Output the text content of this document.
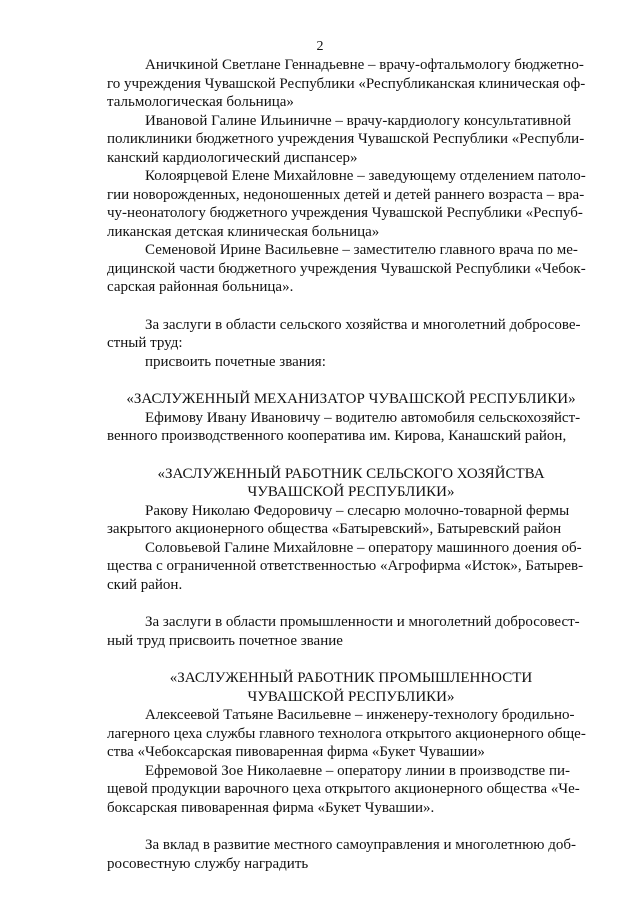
2

Аничкиной Светлане Геннадьевне – врачу-офтальмологу бюджетно-
го учреждения Чувашской Республики «Республиканская клиническая оф-
тальмологическая больница»

Ивановой Галине Ильиничне – врачу-кардиологу консультативной
поликлиники бюджетного учреждения Чувашской Республики «Республи-
канский кардиологический диспансер»

Колоярцевой Елене Михайловне – заведующему отделением патоло-
гии новорожденных, недоношенных детей и детей раннего возраста – вра-
чу-неонатологу бюджетного учреждения Чувашской Республики «Респуб-
ликанская детская клиническая больница»

Семеновой Ирине Васильевне – заместителю главного врача по ме-
дицинской части бюджетного учреждения Чувашской Республики «Чебок-
сарская районная больница».

За заслуги в области сельского хозяйства и многолетний добросове-
стный труд:

присвоить почетные звания:

«ЗАСЛУЖЕННЫЙ МЕХАНИЗАТОР ЧУВАШСКОЙ РЕСПУБЛИКИ»

Ефимову Ивану Ивановичу – водителю автомобиля сельскохозяйст-
венного производственного кооператива им. Кирова, Канашский район,

«ЗАСЛУЖЕННЫЙ РАБОТНИК СЕЛЬСКОГО ХОЗЯЙСТВА
ЧУВАШСКОЙ РЕСПУБЛИКИ»

Ракову Николаю Федоровичу – слесарю молочно-товарной фермы
закрытого акционерного общества «Батыревский», Батыревский район

Соловьевой Галине Михайловне – оператору машинного доения об-
щества с ограниченной ответственностью «Агрофирма «Исток», Батырев-
ский район.

За заслуги в области промышленности и многолетний добросовест-
ный труд присвоить почетное звание

«ЗАСЛУЖЕННЫЙ РАБОТНИК ПРОМЫШЛЕННОСТИ
ЧУВАШСКОЙ РЕСПУБЛИКИ»

Алексеевой Татьяне Васильевне – инженеру-технологу бродильно-
лагерного цеха службы главного технолога открытого акционерного обще-
ства «Чебоксарская пивоваренная фирма «Букет Чувашии»

Ефремовой Зое Николаевне – оператору линии в производстве пи-
щевой продукции варочного цеха открытого акционерного общества «Че-
боксарская пивоваренная фирма «Букет Чувашии».

За вклад в развитие местного самоуправления и многолетнюю доб-
росовестную службу наградить
